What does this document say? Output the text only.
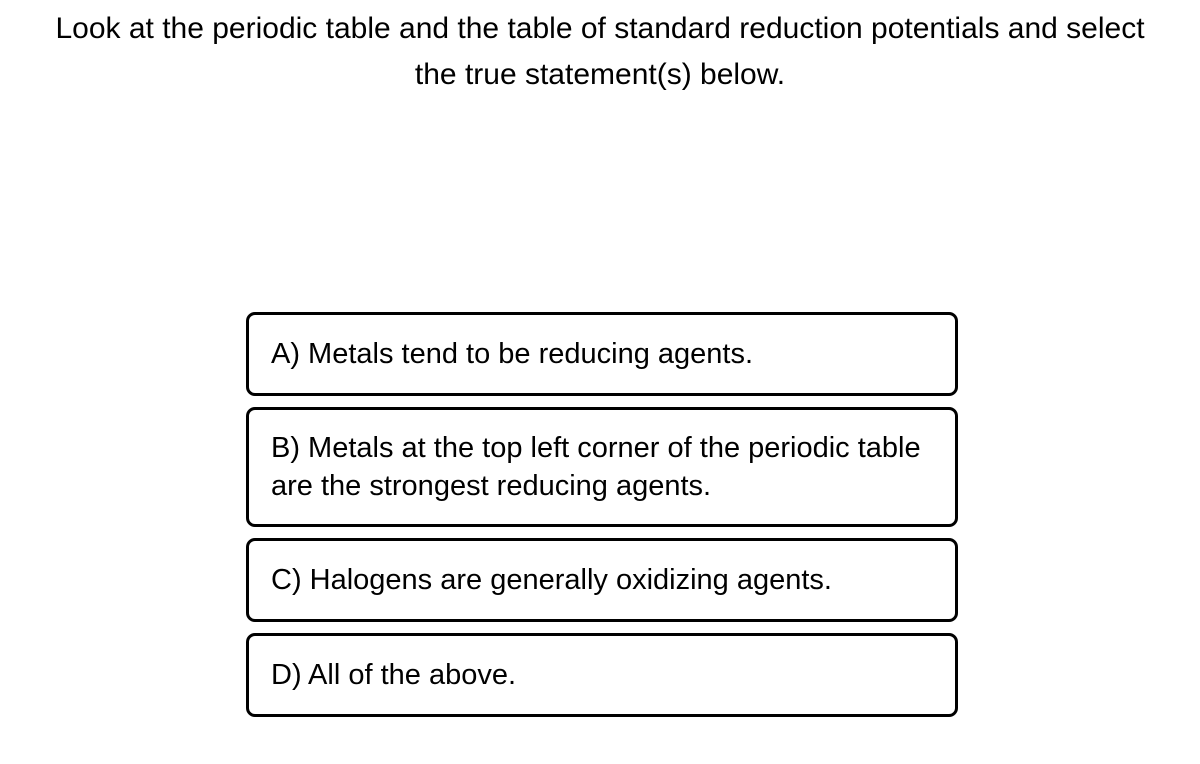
Look at the periodic table and the table of standard reduction potentials and select
the true statement(s) below.
A) Metals tend to be reducing agents.
B) Metals at the top left corner of the periodic table are the strongest reducing agents.
C) Halogens are generally oxidizing agents.
D) All of the above.
